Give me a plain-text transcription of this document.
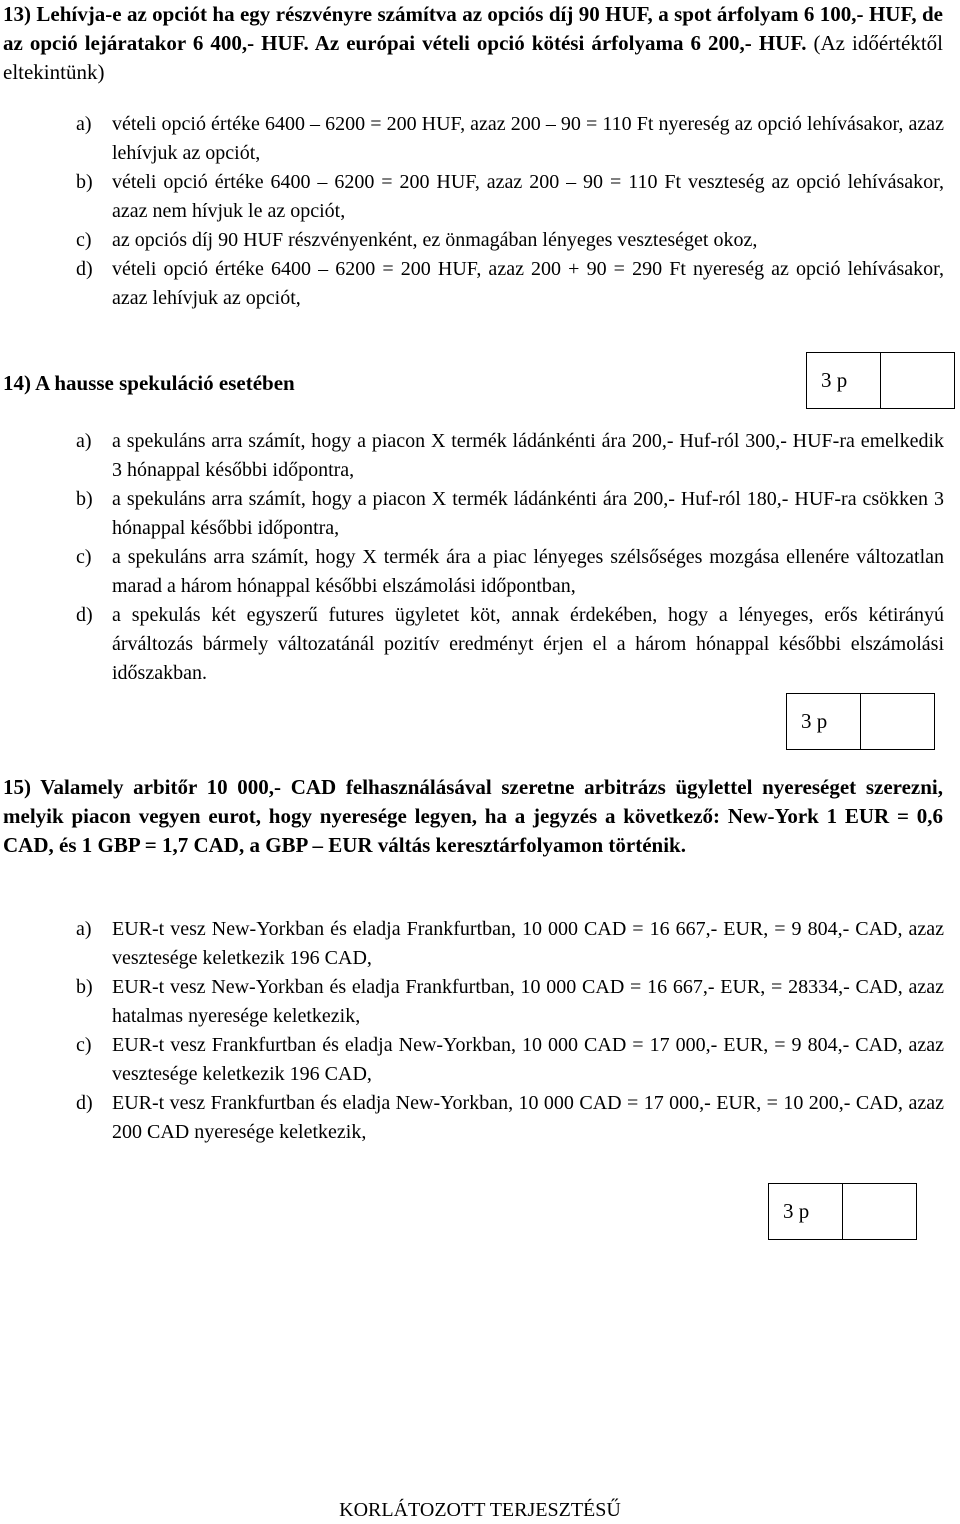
13) Lehívja-e az opciót ha egy részvényre számítva az opciós díj 90 HUF, a spot árfolyam 6 100,- HUF, de az opció lejáratakor 6 400,- HUF. Az európai vételi opció kötési árfolyama 6 200,- HUF. (Az időértéktől eltekintünk)
a) vételi opció értéke 6400 – 6200 = 200 HUF, azaz 200 – 90 = 110 Ft nyereség az opció lehívásakor, azaz lehívjuk az opciót,
b) vételi opció értéke 6400 – 6200 = 200 HUF, azaz 200 – 90 = 110 Ft veszteség az opció lehívásakor, azaz nem hívjuk le az opciót,
c) az opciós díj 90 HUF részvényenként, ez önmagában lényeges veszteséget okoz,
d) vételi opció értéke 6400 – 6200 = 200 HUF, azaz 200 + 90 = 290 Ft nyereség az opció lehívásakor, azaz lehívjuk az opciót,
14) A hausse spekuláció esetében	3 p
a) a spekuláns arra számít, hogy a piacon X termék ládánkénti ára 200,- Huf-ról 300,- HUF-ra emelkedik 3 hónappal későbbi időpontra,
b) a spekuláns arra számít, hogy a piacon X termék ládánkénti ára 200,- Huf-ról 180,- HUF-ra csökken 3 hónappal későbbi időpontra,
c) a spekuláns arra számít, hogy X termék ára a piac lényeges szélsőséges mozgása ellenére változatlan marad a három hónappal későbbi elszámolási időpontban,
d) a spekulás két egyszerű futures ügyletet köt, annak érdekében, hogy a lényeges, erős kétirányú árváltozás bármely változatánál pozitív eredményt érjen el a három hónappal későbbi elszámolási időszakban.
3 p
15) Valamely arbitőr 10 000,- CAD felhasználásával szeretne arbitrázs ügylettel nyereséget szerezni, melyik piacon vegyen eurot, hogy nyeresége legyen, ha a jegyzés a következő: New-York 1 EUR = 0,6 CAD, és 1 GBP = 1,7 CAD, a GBP – EUR váltás keresztárfolyamon történik.
a) EUR-t vesz New-Yorkban és eladja Frankfurtban, 10 000 CAD = 16 667,- EUR, = 9 804,- CAD, azaz vesztesége keletkezik 196 CAD,
b) EUR-t vesz New-Yorkban és eladja Frankfurtban, 10 000 CAD = 16 667,- EUR, = 28334,- CAD, azaz hatalmas nyeresége keletkezik,
c) EUR-t vesz Frankfurtban és eladja New-Yorkban, 10 000 CAD = 17 000,- EUR, = 9 804,- CAD, azaz vesztesége keletkezik 196 CAD,
d) EUR-t vesz Frankfurtban és eladja New-Yorkban, 10 000 CAD = 17 000,- EUR, = 10 200,- CAD, azaz 200 CAD nyeresége keletkezik,
3 p
KORLÁTOZOTT TERJESZTÉSŰ
